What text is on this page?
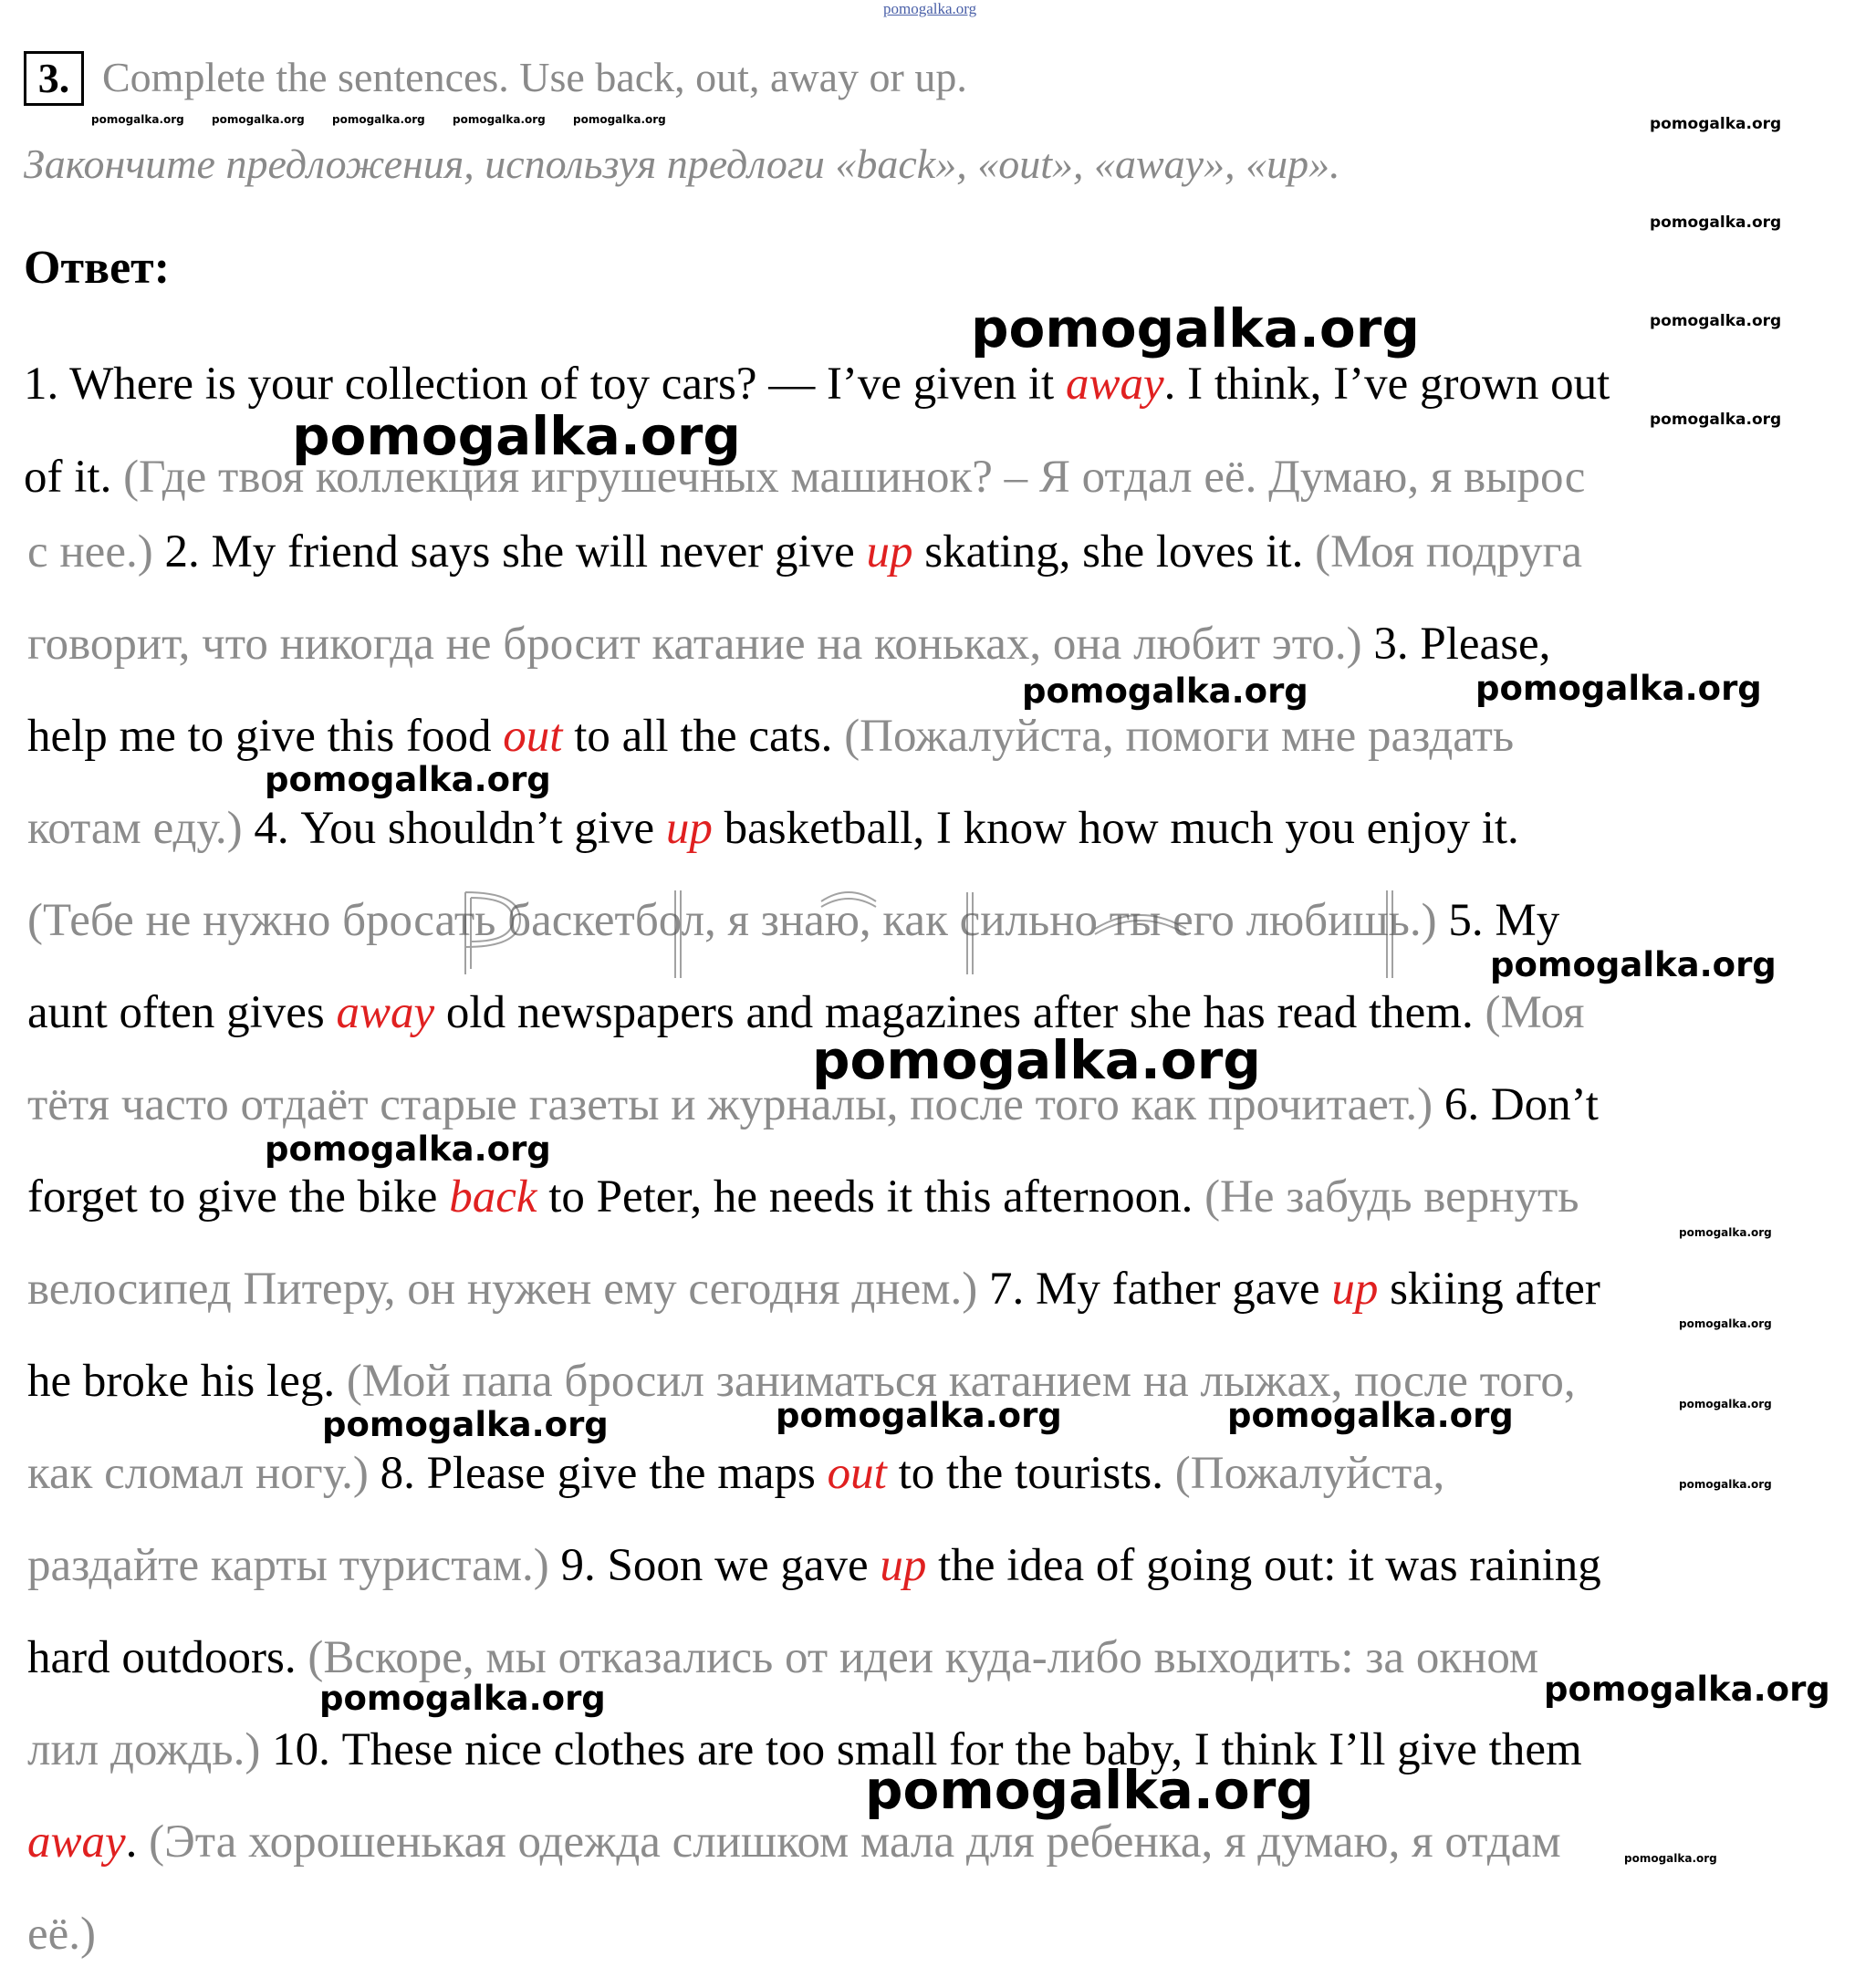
pomogalka.org
3. Complete the sentences. Use back, out, away or up.
Закончите предложения, используя предлоги «back», «out», «away», «up».
Ответ:
1. Where is your collection of toy cars? — I’ve given it away. I think, I’ve grown out
of it. (Где твоя коллекция игрушечных машинок? – Я отдал её. Думаю, я вырос
с нее.) 2. My friend says she will never give up skating, she loves it. (Моя подруга
говорит, что никогда не бросит катание на коньках, она любит это.) 3. Please,
help me to give this food out to all the cats. (Пожалуйста, помоги мне раздать
котам еду.) 4. You shouldn’t give up basketball, I know how much you enjoy it.
(Тебе не нужно бросать баскетбол, я знаю, как сильно ты его любишь.) 5. My
aunt often gives away old newspapers and magazines after she has read them. (Моя
тётя часто отдаёт старые газеты и журналы, после того как прочитает.) 6. Don’t
forget to give the bike back to Peter, he needs it this afternoon. (Не забудь вернуть
велосипед Питеру, он нужен ему сегодня днем.) 7. My father gave up skiing after
he broke his leg. (Мой папа бросил заниматься катанием на лыжах, после того,
как сломал ногу.) 8. Please give the maps out to the tourists. (Пожалуйста,
раздайте карты туристам.) 9. Soon we gave up the idea of going out: it was raining
hard outdoors. (Вскоре, мы отказались от идеи куда-либо выходить: за окном
лил дождь.) 10. These nice clothes are too small for the baby, I think I’ll give them
away. (Эта хорошенькая одежда слишком мала для ребенка, я думаю, я отдам
её.)
pomogalka.org	pomogalka.org	pomogalka.org	pomogalka.org	pomogalka.org	pomogalka.org
pomogalka.org
pomogalka.org
pomogalka.org
pomogalka.org
pomogalka.org
pomogalka.org	pomogalka.org
pomogalka.org
pomogalka.org
pomogalka.org
pomogalka.org
pomogalka.org
pomogalka.org
pomogalka.org
pomogalka.org
pomogalka.org	pomogalka.org	pomogalka.org
pomogalka.org
pomogalka.org
pomogalka.org
pomogalka.org
